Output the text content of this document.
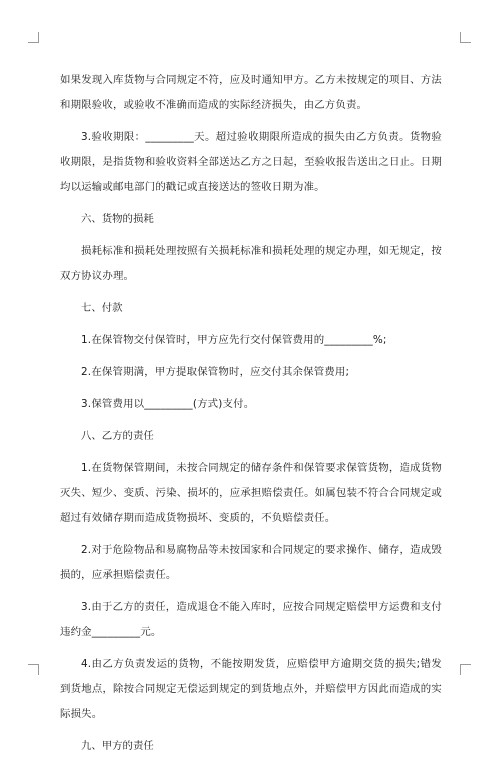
如果发现入库货物与合同规定不符，应及时通知甲方。乙方未按规定的项目、方法和期限验收，或验收不准确而造成的实际经济损失，由乙方负责。

3.验收期限：_________天。超过验收期限所造成的损失由乙方负责。货物验收期限，是指货物和验收资料全部送达乙方之日起，至验收报告送出之日止。日期均以运输或邮电部门的戳记或直接送达的签收日期为准。

六、货物的损耗

损耗标准和损耗处理按照有关损耗标准和损耗处理的规定办理，如无规定，按双方协议办理。

七、付款

1.在保管物交付保管时，甲方应先行交付保管费用的_________%;

2.在保管期满，甲方提取保管物时，应交付其余保管费用;

3.保管费用以_________(方式)支付。

八、乙方的责任

1.在货物保管期间，未按合同规定的储存条件和保管要求保管货物，造成货物灭失、短少、变质、污染、损坏的，应承担赔偿责任。如属包装不符合合同规定或超过有效储存期而造成货物损坏、变质的，不负赔偿责任。

2.对于危险物品和易腐物品等未按国家和合同规定的要求操作、储存，造成毁损的，应承担赔偿责任。

3.由于乙方的责任，造成退仓不能入库时，应按合同规定赔偿甲方运费和支付违约金_________元。

4.由乙方负责发运的货物，不能按期发货，应赔偿甲方逾期交货的损失;错发到货地点，除按合同规定无偿运到规定的到货地点外，并赔偿甲方因此而造成的实际损失。

九、甲方的责任
